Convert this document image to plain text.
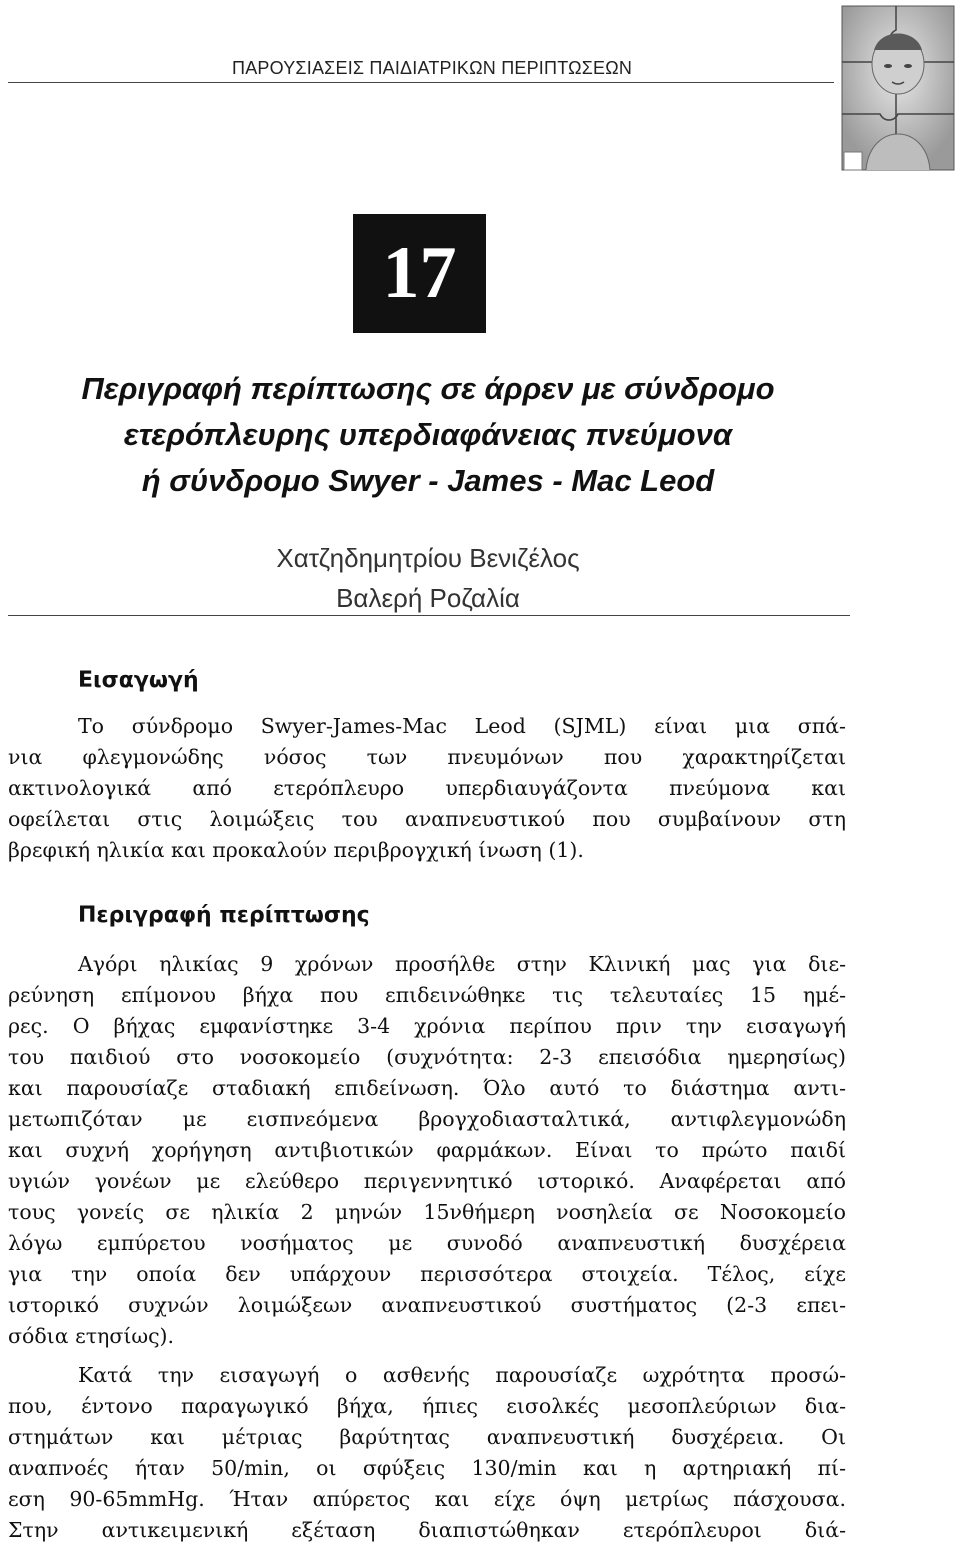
ΠΑΡΟΥΣΙΑΣΕΙΣ ΠΑΙΔΙΑΤΡΙΚΩΝ ΠΕΡΙΠΤΩΣΕΩΝ
17
Περιγραφή περίπτωσης σε άρρεν με σύνδρομο
ετερόπλευρης υπερδιαφάνειας πνεύμονα
ή σύνδρομο Swyer - James - Mac Leod
Χατζηδημητρίου Βενιζέλος
Βαλερή Ροζαλία
Εισαγωγή
Το σύνδρομο Swyer-James-Mac Leod (SJML) είναι μια σπά-
νια φλεγμονώδης νόσος των πνευμόνων που χαρακτηρίζεται
ακτινολογικά από ετερόπλευρο υπερδιαυγάζοντα πνεύμονα και
οφείλεται στις λοιμώξεις του αναπνευστικού που συμβαίνουν στη
βρεφική ηλικία και προκαλούν περιβρογχική ίνωση (1).
Περιγραφή περίπτωσης
Αγόρι ηλικίας 9 χρόνων προσήλθε στην Κλινική μας για διε-
ρεύνηση επίμονου βήχα που επιδεινώθηκε τις τελευταίες 15 ημέ-
ρες. Ο βήχας εμφανίστηκε 3-4 χρόνια περίπου πριν την εισαγωγή
του παιδιού στο νοσοκομείο (συχνότητα: 2-3 επεισόδια ημερησίως)
και παρουσίαζε σταδιακή επιδείνωση. Όλο αυτό το διάστημα αντι-
μετωπιζόταν με εισπνεόμενα βρογχοδιασταλτικά, αντιφλεγμονώδη
και συχνή χορήγηση αντιβιοτικών φαρμάκων. Είναι το πρώτο παιδί
υγιών γονέων με ελεύθερο περιγεννητικό ιστορικό. Αναφέρεται από
τους γονείς σε ηλικία 2 μηνών 15νθήμερη νοσηλεία σε Νοσοκομείο
λόγω εμπύρετου νοσήματος με συνοδό αναπνευστική δυσχέρεια
για την οποία δεν υπάρχουν περισσότερα στοιχεία. Τέλος, είχε
ιστορικό συχνών λοιμώξεων αναπνευστικού συστήματος (2-3 επει-
σόδια ετησίως).
Κατά την εισαγωγή ο ασθενής παρουσίαζε ωχρότητα προσώ-
που, έντονο παραγωγικό βήχα, ήπιες εισολκές μεσοπλεύριων δια-
στημάτων και μέτριας βαρύτητας αναπνευστική δυσχέρεια. Οι
αναπνοές ήταν 50/min, οι σφύξεις 130/min και η αρτηριακή πί-
εση 90-65mmHg. Ήταν απύρετος και είχε όψη μετρίως πάσχουσα.
Στην αντικειμενική εξέταση διαπιστώθηκαν ετερόπλευροι διά-
